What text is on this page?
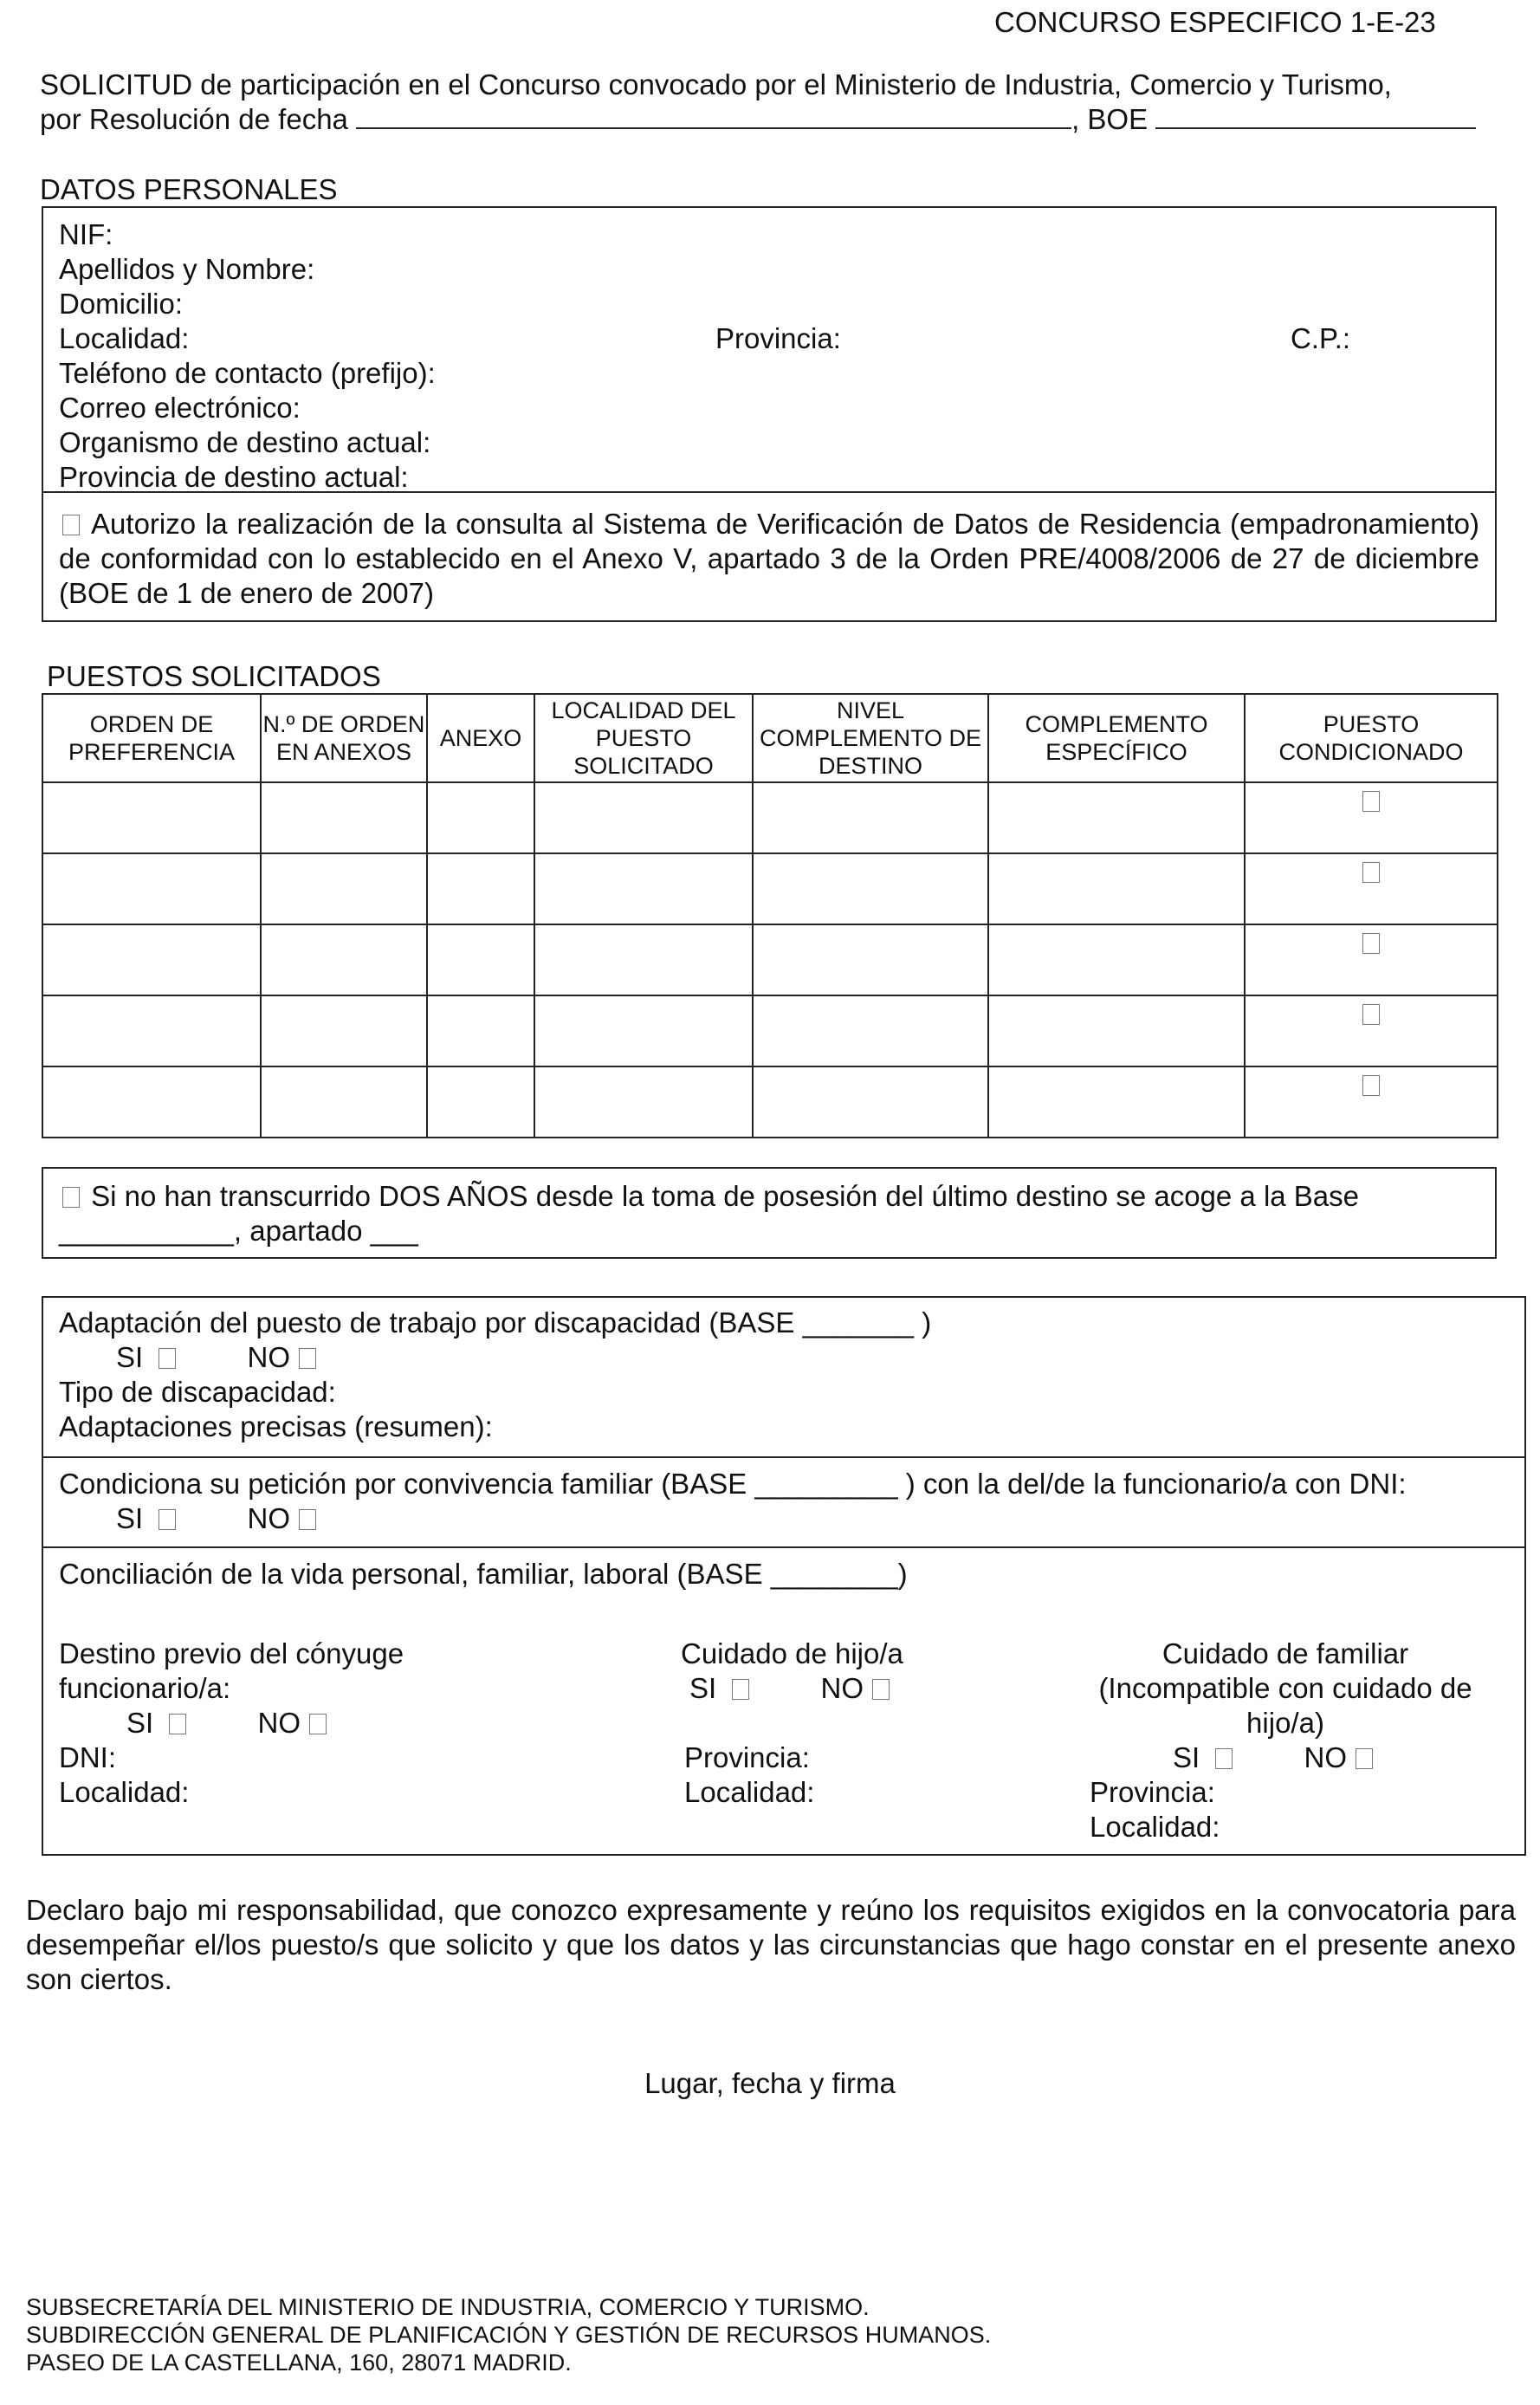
CONCURSO ESPECIFICO 1-E-23
SOLICITUD de participación en el Concurso convocado por el Ministerio de Industria, Comercio y Turismo,
por Resolución de fecha	, BOE
DATOS PERSONALES
NIF:
Apellidos y Nombre:
Domicilio:
Localidad:	Provincia:	C.P.:
Teléfono de contacto (prefijo):
Correo electrónico:
Organismo de destino actual:
Provincia de destino actual:
Autorizo la realización de la consulta al Sistema de Verificación de Datos de Residencia (empadronamiento) de conformidad con lo establecido en el Anexo V, apartado 3 de la Orden PRE/4008/2006 de 27 de diciembre (BOE de 1 de enero de 2007)
PUESTOS SOLICITADOS
ORDEN DE PREFERENCIA	N.º DE ORDEN EN ANEXOS	ANEXO	LOCALIDAD DEL PUESTO SOLICITADO	NIVEL COMPLEMENTO DE DESTINO	COMPLEMENTO ESPECÍFICO	PUESTO CONDICIONADO

Si no han transcurrido DOS AÑOS desde la toma de posesión del último destino se acoge a la Base
___________, apartado ___
Adaptación del puesto de trabajo por discapacidad (BASE _______ )
SI	NO
Tipo de discapacidad:
Adaptaciones precisas (resumen):
Condiciona su petición por convivencia familiar (BASE _________ ) con la del/de la funcionario/a con DNI:
SI	NO
Conciliación de la vida personal, familiar, laboral (BASE ________)
Destino previo del cónyuge
funcionario/a:
SI	NO
DNI:
Localidad:
Cuidado de hijo/a
SI	NO
Provincia:
Localidad:
Cuidado de familiar
(Incompatible con cuidado de
hijo/a)
SI	NO
Provincia:
Localidad:
Declaro bajo mi responsabilidad, que conozco expresamente y reúno los requisitos exigidos en la convocatoria para desempeñar el/los puesto/s que solicito y que los datos y las circunstancias que hago constar en el presente anexo son ciertos.
Lugar, fecha y firma
SUBSECRETARÍA DEL MINISTERIO DE INDUSTRIA, COMERCIO Y TURISMO.
SUBDIRECCIÓN GENERAL DE PLANIFICACIÓN Y GESTIÓN DE RECURSOS HUMANOS.
PASEO DE LA CASTELLANA, 160, 28071 MADRID.
